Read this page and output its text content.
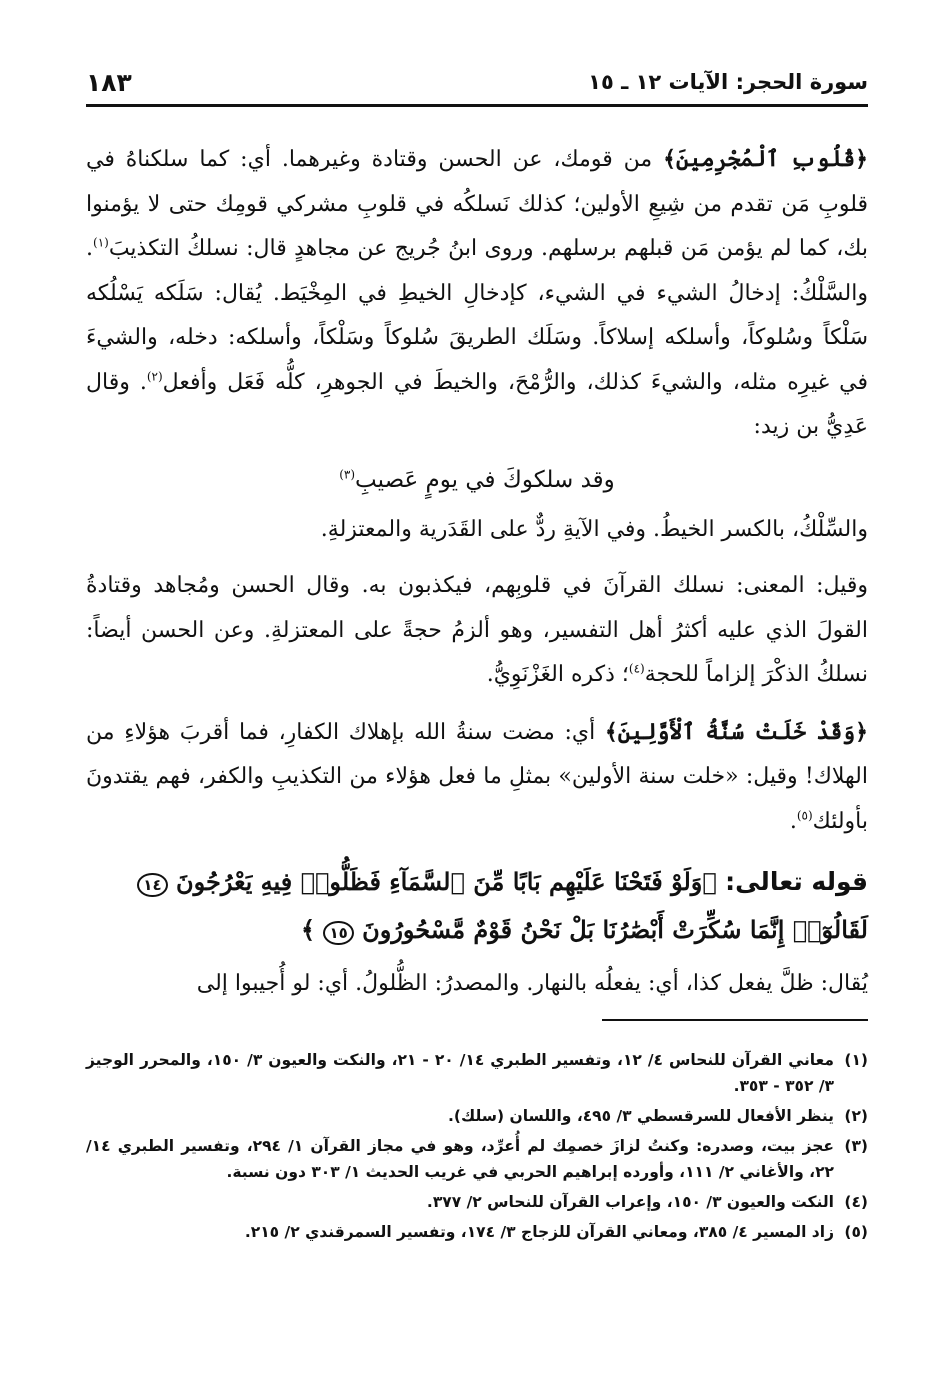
سورة الحجر: الآيات ١٢ ـ ١٥
١٨٣

﴿قُلُوبِ ٱلْمُجْرِمِينَ﴾ من قومك، عن الحسن وقتادة وغيرهما. أي: كما سلكناهُ في قلوبِ مَن تقدم من شِيعِ الأولين؛ كذلك نَسلكُه في قلوبِ مشركي قومِك حتى لا يؤمنوا بك، كما لم يؤمن مَن قبلهم برسلهم. وروى ابنُ جُريج عن مجاهدٍ قال: نسلكُ التكذيبَ$^{(١)}$. والسَّلْكُ: إدخالُ الشيء في الشيء، كإدخالِ الخيطِ في المِخْيَط. يُقال: سَلَكه يَسْلُكه سَلْكاً وسُلوكاً، وأسلكه إسلاكاً. وسَلَك الطريقَ سُلوكاً وسَلْكاً، وأسلكه: دخله، والشيءَ في غيرِه مثله، والشيءَ كذلك، والرُّمْحَ، والخيطَ في الجوهرِ، كلُّه فَعَل وأفعل$^{(٢)}$. وقال عَدِيُّ بن زيد:

وقد سلكوكَ في يومٍ عَصيبِ$^{(٣)}$

والسِّلْكُ، بالكسر الخيطُ. وفي الآيةِ ردٌّ على القَدَرية والمعتزلةِ.

وقيل: المعنى: نسلك القرآنَ في قلوبِهم، فيكذبون به. وقال الحسن ومُجاهد وقتادةُ القولَ الذي عليه أكثرُ أهل التفسير، وهو ألزمُ حجةً على المعتزلةِ. وعن الحسن أيضاً: نسلكُ الذكْرَ إلزاماً للحجة$^{(٤)}$؛ ذكره الغَزْنَوِيُّ.

﴿وَقَدْ خَلَتْ سُنَّةُ ٱلْأَوَّلِينَ﴾ أي: مضت سنةُ الله بإهلاك الكفارِ، فما أقربَ هؤلاءِ من الهلاك! وقيل: «خلت سنة الأولين» بمثلِ ما فعل هؤلاء من التكذيبِ والكفر، فهم يقتدونَ بأولئك$^{(٥)}$.

قوله تعالى: ﴿وَلَوْ فَتَحْنَا عَلَيْهِم بَابًا مِّنَ ٱلسَّمَآءِ فَظَلُّوا۟ فِيهِ يَعْرُجُونَ ١٤ لَقَالُوٓا۟ إِنَّمَا سُكِّرَتْ أَبْصَٰرُنَا بَلْ نَحْنُ قَوْمٌ مَّسْحُورُونَ ١٥ ﴾

يُقال: ظلَّ يفعل كذا، أي: يفعلُه بالنهار. والمصدرُ: الظُّلولُ. أي: لو أُجيبوا إلى

(١)
معاني القرآن للنحاس ٤/ ١٢، وتفسير الطبري ١٤/ ٢٠ - ٢١، والنكت والعيون ٣/ ١٥٠، والمحرر الوجيز ٣/ ٣٥٢ - ٣٥٣.
(٢)
ينظر الأفعال للسرقسطي ٣/ ٤٩٥، واللسان (سلك).
(٣)
عجز بيت، وصدره: وكنتُ لزازَ خصمِك لم أُعرِّد، وهو في مجاز القرآن ١/ ٢٩٤، وتفسير الطبري ١٤/ ٢٢، والأغاني ٢/ ١١١، وأورده إبراهيم الحربي في غريب الحديث ١/ ٣٠٣ دون نسبة.
(٤)
النكت والعيون ٣/ ١٥٠، وإعراب القرآن للنحاس ٢/ ٣٧٧.
(٥)
زاد المسير ٤/ ٣٨٥، ومعاني القرآن للزجاج ٣/ ١٧٤، وتفسير السمرقندي ٢/ ٢١٥.
